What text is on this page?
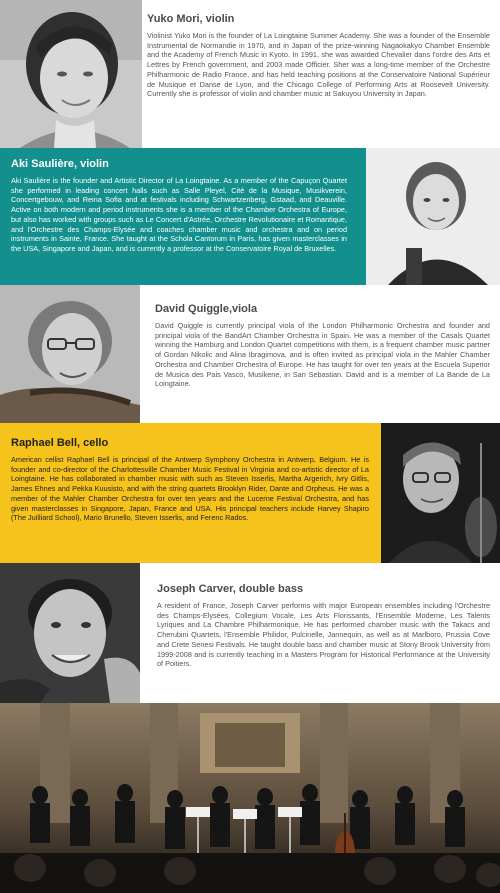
Yuko Mori, violin

Violinist Yuko Mori is the founder of La Loingtaine Summer Academy. She was a founder of the Ensemble Instrumental de Normandie in 1970, and in Japan of the prize-winning Nagaokakyo Chamber Ensemble and the Academy of French Music in Kyoto. In 1991, she was awarded Chevalier dans l'ordre des Arts et Lettres by French government, and 2003 made Officier. Sher was a long-time member of the Orchestre Philharmonic de Radio France, and has held teaching positions at the Conservatoire National Supérieur de Musique et Danse de Lyon, and the Chicago College of Performing Arts at Roosevelt University. Currently she is professor of violin and chamber music at Sakuyou University in Japan.

Aki Saulière, violin

Aki Saulière is the founder and Artistic Director of La Loingtaine. As a member of the Capuçon Quartet she performed in leading concert halls such as Salle Pleyel, Cité de la Musique, Musikverein, Concertgebouw, and Reina Sofia and at festivals including Schwartzenberg, Gstaad, and Deauville. Active on both modern and period instruments she is a member of the Chamber Orchestra of Europe, but also has worked with groups such as Le Concert d'Astrée, Orchestre Revolutionaire et Romantique, and l'Orchestre des Champs-Elysée and coaches chamber music and orchestra and on period instruments in Sainte, France. She taught at the Schola Cantorum in Paris, has given masterclasses in the USA, Singapore and Japan, and is currently a professor at the Conservatoire Royal de Bruxelles.

David Quiggle,viola

David Quiggle is currently principal viola of the London Philharmonic Orchestra and founder and principal viola of the BandArt Chamber Orchestra in Spain. He was a member of the Casals Quartet winning the Hamburg and London Quartet competitions with them, is a frequent chamber music partner of Gordan Nikolic and Alina Ibragimova, and is often invited as principal viola in the Mahler Chamber Orchestra and Chamber Orchestra of Europe. He has taught for over ten years at the Escuela Superior de Musica des Pais Vasco, Musikene, in San Sebastian. David and is a member of La Bande de La Loingtaine.

Raphael Bell, cello

American cellist Raphael Bell is principal of the Antwerp Symphony Orchestra in Antwerp, Belgium. He is founder and co-director of the Charlottesville Chamber Music Festival in Virginia and co-artistic director of La Loingtaine. He has collaborated in chamber music with such as Steven Isserlis, Martha Argerich, Ivry Gitlis, James Ehnes and Pekka Kuusisto, and with the string quartets Brooklyn Rider, Dante and Orpheus. He was a member of the Mahler Chamber Orchestra for over ten years and the Lucerne Festival Orchestra, and has given masterclasses in Singapore, Japan, France and USA. His principal teachers include Harvey Shapiro (The Juilliard School), Mario Brunello, Steven Isserlis, and Ferenc Rados.

Joseph Carver, double bass

A resident of France, Joseph Carver performs with major European ensembles including l'Orchestre des Champs-Elysées, Collegium Vocale, Les Arts Florissants, l'Ensemble Moderne, Les Talents Lyriques and La Chambre Philharmonique. He has performed chamber music with the Takacs and Cherubini Quartets, l'Ensemble Philidor, Pulcinelle, Jannequin, as well as at Marlboro, Prussia Cove and Crete Senesi Festivals. He taught double bass and chamber music at Stony Brook University from 1999-2008 and is currently teaching in a Masters Program for Historical Performance at the University of Poitiers.
